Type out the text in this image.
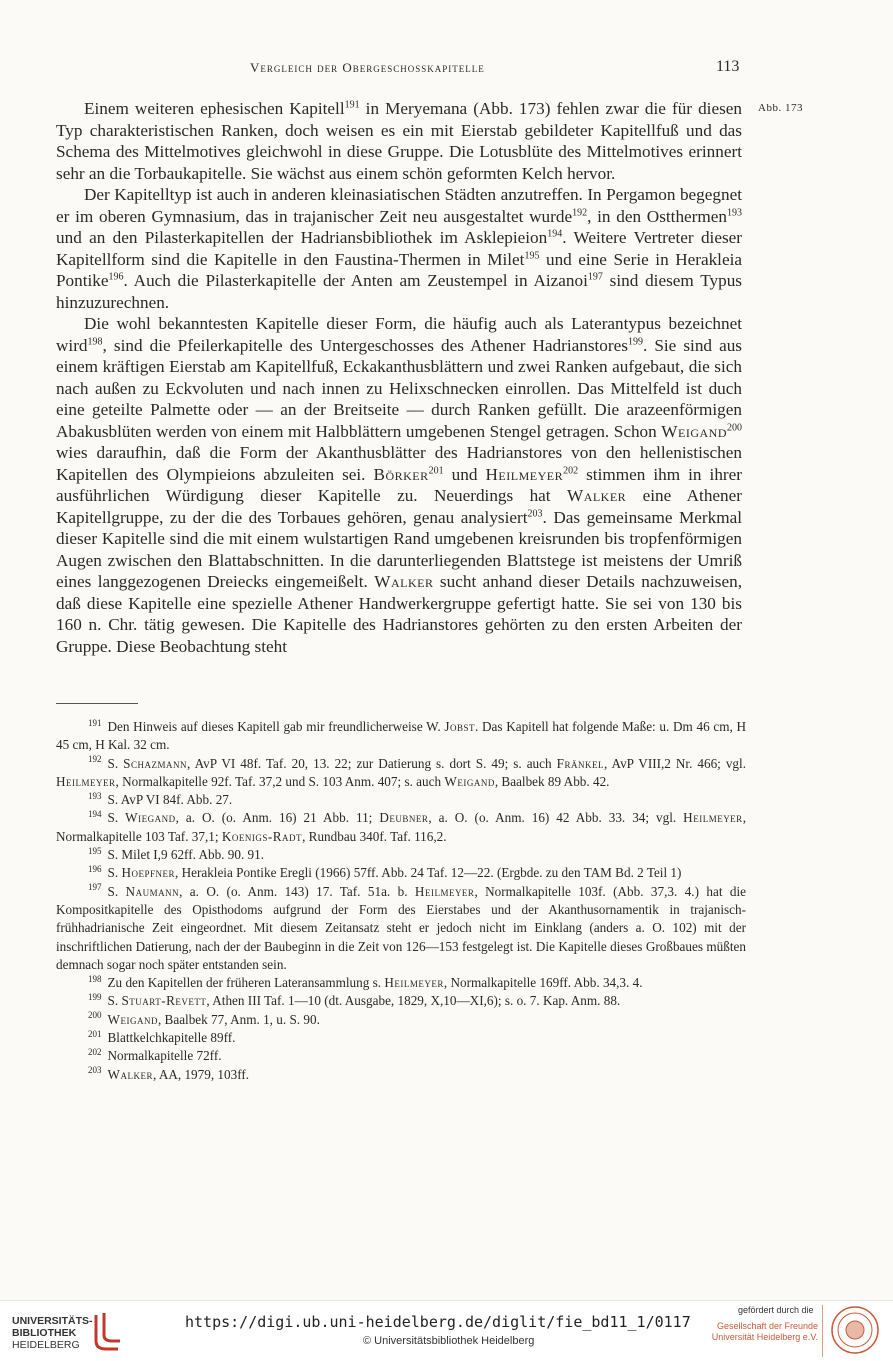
Vergleich der Obergeschosskapitelle	113
Abb. 173

Einem weiteren ephesischen Kapitell$^{191}$ in Meryemana (Abb. 173) fehlen zwar die für diesen Typ charakteristischen Ranken, doch weisen es ein mit Eierstab gebildeter Kapitellfuß und das Schema des Mittelmotives gleichwohl in diese Gruppe. Die Lotusblüte des Mittelmotives erinnert sehr an die Torbaukapitelle. Sie wächst aus einem schön geformten Kelch hervor.

Der Kapitelltyp ist auch in anderen kleinasiatischen Städten anzutreffen. In Pergamon begegnet er im oberen Gymnasium, das in trajanischer Zeit neu ausgestaltet wurde$^{192}$, in den Ostthermen$^{193}$ und an den Pilasterkapitellen der Hadriansbibliothek im Asklepieion$^{194}$. Weitere Vertreter dieser Kapitellform sind die Kapitelle in den Faustina-Thermen in Milet$^{195}$ und eine Serie in Herakleia Pontike$^{196}$. Auch die Pilasterkapitelle der Anten am Zeustempel in Aizanoi$^{197}$ sind diesem Typus hinzuzurechnen.

Die wohl bekanntesten Kapitelle dieser Form, die häufig auch als Laterantypus bezeichnet wird$^{198}$, sind die Pfeilerkapitelle des Untergeschosses des Athener Hadrianstores$^{199}$. Sie sind aus einem kräftigen Eierstab am Kapitellfuß, Eckakanthusblättern und zwei Ranken aufgebaut, die sich nach außen zu Eckvoluten und nach innen zu Helixschnecken einrollen. Das Mittelfeld ist duch eine geteilte Palmette oder — an der Breitseite — durch Ranken gefüllt. Die arazeenförmigen Abakusblüten werden von einem mit Halbblättern umgebenen Stengel getragen. Schon Weigand$^{200}$ wies daraufhin, daß die Form der Akanthusblätter des Hadrianstores von den hellenistischen Kapitellen des Olympieions abzuleiten sei. Börker$^{201}$ und Heilmeyer$^{202}$ stimmen ihm in ihrer ausführlichen Würdigung dieser Kapitelle zu. Neuerdings hat Walker eine Athener Kapitellgruppe, zu der die des Torbaues gehören, genau analysiert$^{203}$. Das gemeinsame Merkmal dieser Kapitelle sind die mit einem wulstartigen Rand umgebenen kreisrunden bis tropfenförmigen Augen zwischen den Blattabschnitten. In die darunterliegenden Blattstege ist meistens der Umriß eines langgezogenen Dreiecks eingemeißelt. Walker sucht anhand dieser Details nachzuweisen, daß diese Kapitelle eine spezielle Athener Handwerkergruppe gefertigt hatte. Sie sei von 130 bis 160 n. Chr. tätig gewesen. Die Kapitelle des Hadrianstores gehörten zu den ersten Arbeiten der Gruppe. Diese Beobachtung steht

$^{191}$ Den Hinweis auf dieses Kapitell gab mir freundlicherweise W. Jobst. Das Kapitell hat folgende Maße: u. Dm 46 cm, H 45 cm, H Kal. 32 cm.

$^{192}$ S. Schazmann, AvP VI 48f. Taf. 20, 13. 22; zur Datierung s. dort S. 49; s. auch Fränkel, AvP VIII,2 Nr. 466; vgl. Heilmeyer, Normalkapitelle 92f. Taf. 37,2 und S. 103 Anm. 407; s. auch Weigand, Baalbek 89 Abb. 42.

$^{193}$ S. AvP VI 84f. Abb. 27.

$^{194}$ S. Wiegand, a. O. (o. Anm. 16) 21 Abb. 11; Deubner, a. O. (o. Anm. 16) 42 Abb. 33. 34; vgl. Heilmeyer, Normalkapitelle 103 Taf. 37,1; Koenigs-Radt, Rundbau 340f. Taf. 116,2.

$^{195}$ S. Milet I,9 62ff. Abb. 90. 91.

$^{196}$ S. Hoepfner, Herakleia Pontike Eregli (1966) 57ff. Abb. 24 Taf. 12—22. (Ergbde. zu den TAM Bd. 2 Teil 1)

$^{197}$ S. Naumann, a. O. (o. Anm. 143) 17. Taf. 51a. b. Heilmeyer, Normalkapitelle 103f. (Abb. 37,3. 4.) hat die Kompositkapitelle des Opisthodoms aufgrund der Form des Eierstabes und der Akanthusornamentik in trajanisch-frühhadrianische Zeit eingeordnet. Mit diesem Zeitansatz steht er jedoch nicht im Einklang (anders a. O. 102) mit der inschriftlichen Datierung, nach der der Baubeginn in die Zeit von 126—153 festgelegt ist. Die Kapitelle dieses Großbaues müßten demnach sogar noch später entstanden sein.

$^{198}$ Zu den Kapitellen der früheren Lateransammlung s. Heilmeyer, Normalkapitelle 169ff. Abb. 34,3. 4.

$^{199}$ S. Stuart-Revett, Athen III Taf. 1—10 (dt. Ausgabe, 1829, X,10—XI,6); s. o. 7. Kap. Anm. 88.

$^{200}$ Weigand, Baalbek 77, Anm. 1, u. S. 90.

$^{201}$ Blattkelchkapitelle 89ff.

$^{202}$ Normalkapitelle 72ff.

$^{203}$ Walker, AA, 1979, 103ff.

UNIVERSITÄTS-
BIBLIOTHEK
HEIDELBERG
https://digi.ub.uni-heidelberg.de/diglit/fie_bd11_1/0117
© Universitätsbibliothek Heidelberg
gefördert durch die
Gesellschaft der Freunde
Universität Heidelberg e.V.
